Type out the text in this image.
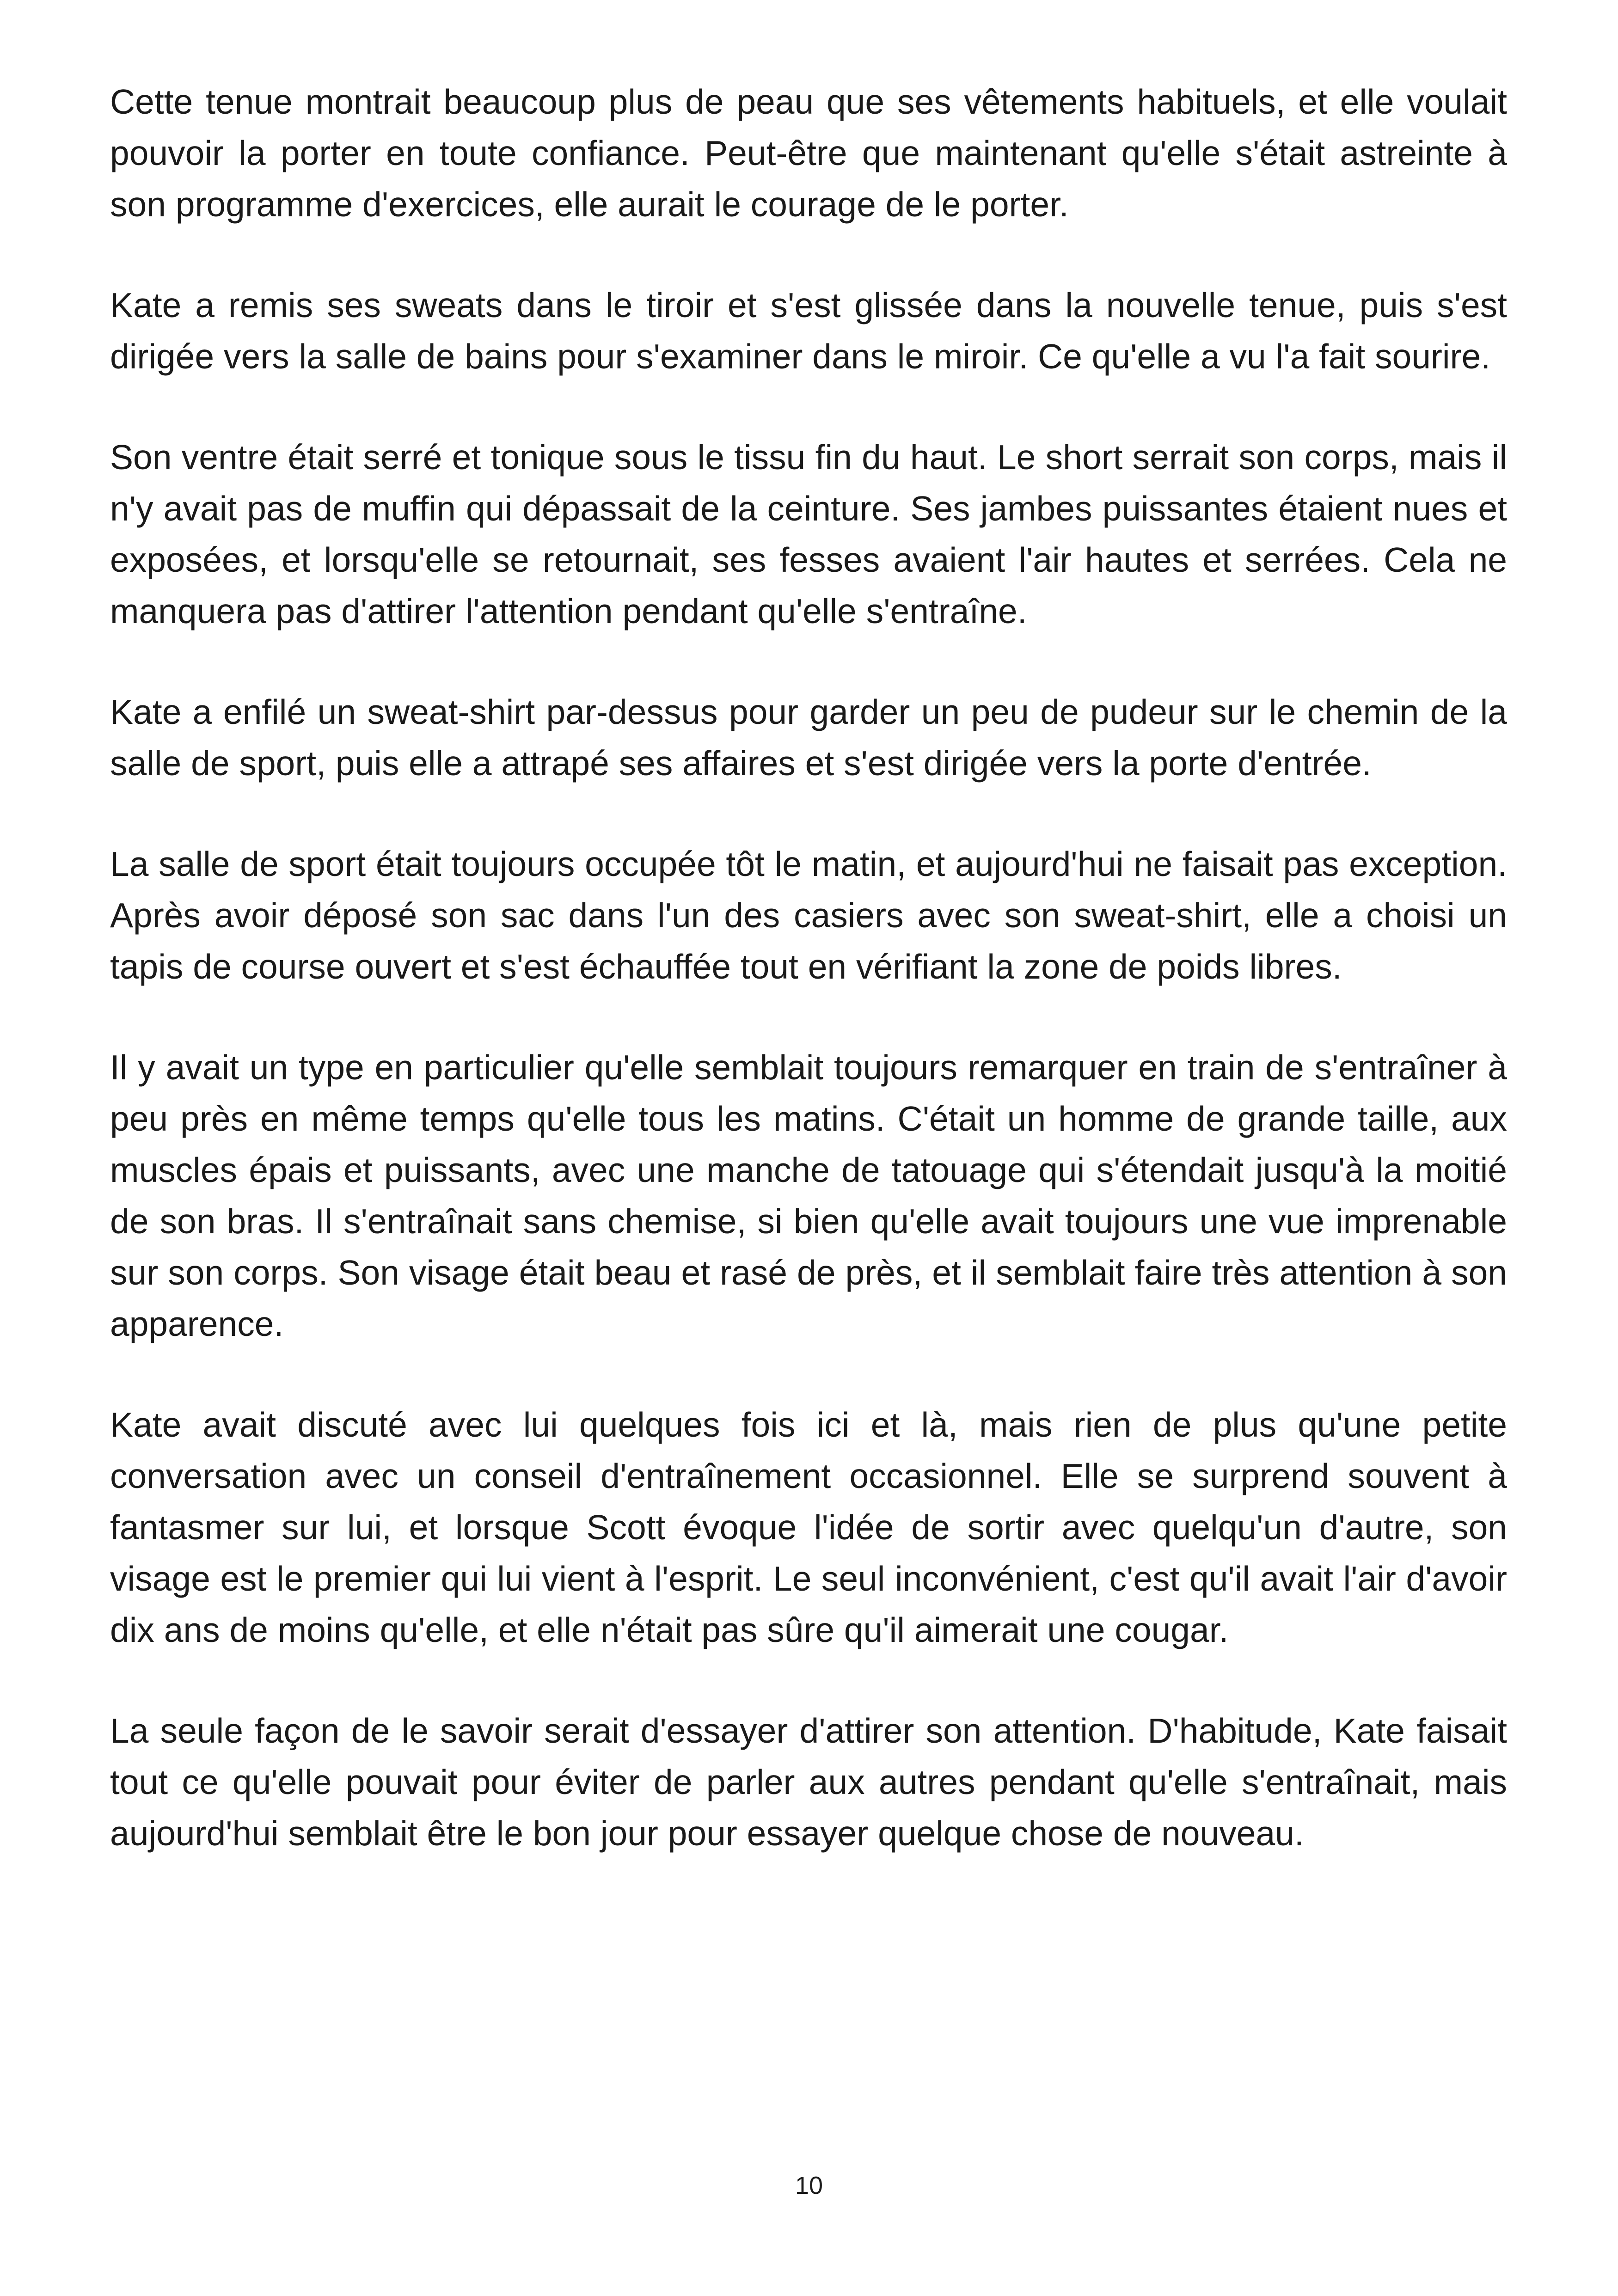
Cette tenue montrait beaucoup plus de peau que ses vêtements habituels, et elle voulait pouvoir la porter en toute confiance. Peut-être que maintenant qu'elle s'était astreinte à son programme d'exercices, elle aurait le courage de le porter.

Kate a remis ses sweats dans le tiroir et s'est glissée dans la nouvelle tenue, puis s'est dirigée vers la salle de bains pour s'examiner dans le miroir. Ce qu'elle a vu l'a fait sourire.

Son ventre était serré et tonique sous le tissu fin du haut. Le short serrait son corps, mais il n'y avait pas de muffin qui dépassait de la ceinture. Ses jambes puissantes étaient nues et exposées, et lorsqu'elle se retournait, ses fesses avaient l'air hautes et serrées. Cela ne manquera pas d'attirer l'attention pendant qu'elle s'entraîne.

Kate a enfilé un sweat-shirt par-dessus pour garder un peu de pudeur sur le chemin de la salle de sport, puis elle a attrapé ses affaires et s'est dirigée vers la porte d'entrée.

La salle de sport était toujours occupée tôt le matin, et aujourd'hui ne faisait pas exception. Après avoir déposé son sac dans l'un des casiers avec son sweat-shirt, elle a choisi un tapis de course ouvert et s'est échauffée tout en vérifiant la zone de poids libres.

Il y avait un type en particulier qu'elle semblait toujours remarquer en train de s'entraîner à peu près en même temps qu'elle tous les matins. C'était un homme de grande taille, aux muscles épais et puissants, avec une manche de tatouage qui s'étendait jusqu'à la moitié de son bras. Il s'entraînait sans chemise, si bien qu'elle avait toujours une vue imprenable sur son corps. Son visage était beau et rasé de près, et il semblait faire très attention à son apparence.

Kate avait discuté avec lui quelques fois ici et là, mais rien de plus qu'une petite conversation avec un conseil d'entraînement occasionnel. Elle se surprend souvent à fantasmer sur lui, et lorsque Scott évoque l'idée de sortir avec quelqu'un d'autre, son visage est le premier qui lui vient à l'esprit. Le seul inconvénient, c'est qu'il avait l'air d'avoir dix ans de moins qu'elle, et elle n'était pas sûre qu'il aimerait une cougar.

La seule façon de le savoir serait d'essayer d'attirer son attention. D'habitude, Kate faisait tout ce qu'elle pouvait pour éviter de parler aux autres pendant qu'elle s'entraînait, mais aujourd'hui semblait être le bon jour pour essayer quelque chose de nouveau.

10
